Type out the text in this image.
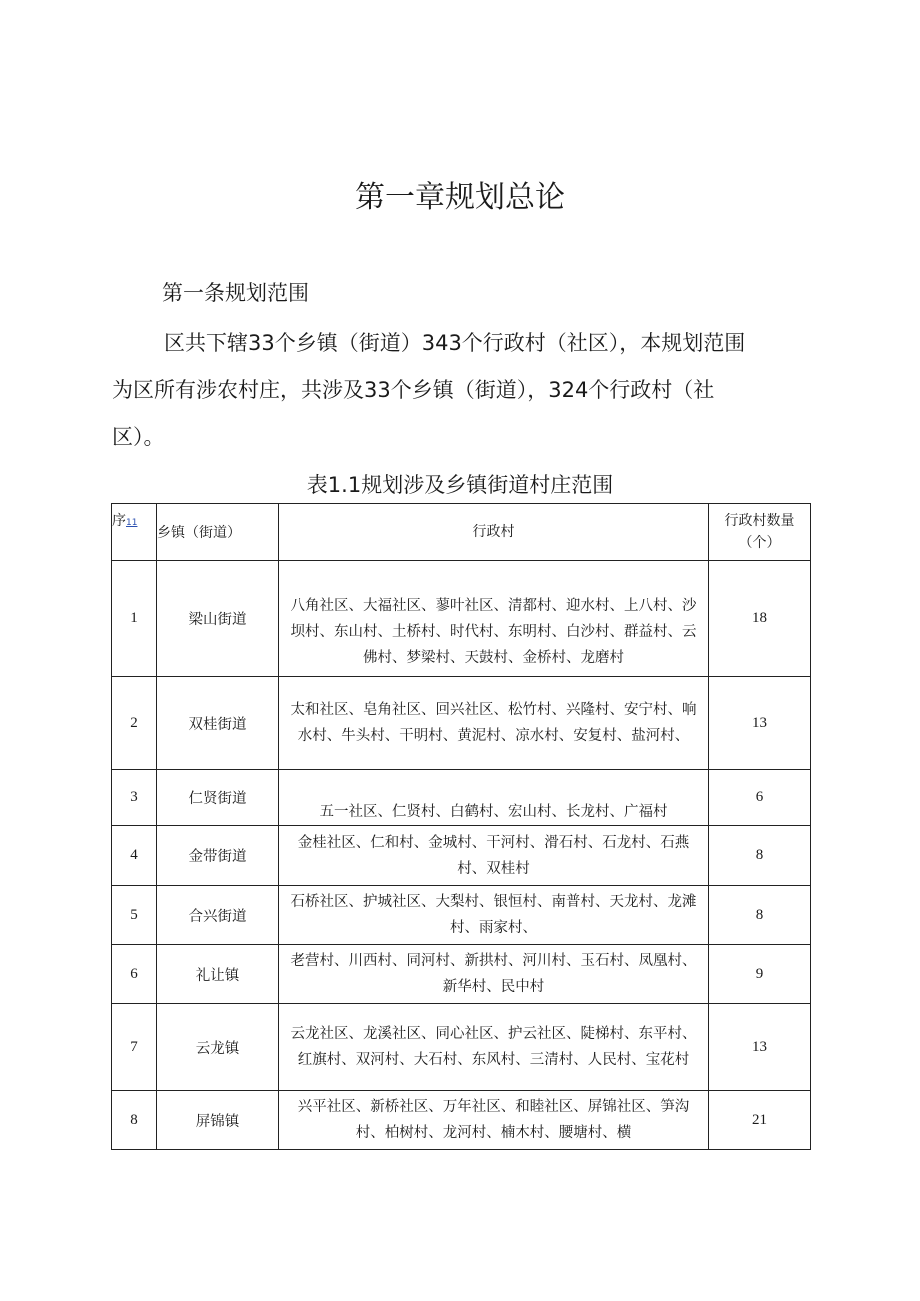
第一章规划总论
第一条规划范围

区共下辖33个乡镇（街道）343个行政村（社区），本规划范围
为区所有涉农村庄，共涉及33个乡镇（街道），324个行政村（社
区）。

表1.1规划涉及乡镇街道村庄范围
序11	乡镇（街道）	行政村	行政村数量
（个）

1	梁山街道	八角社区、大福社区、蓼叶社区、清都村、迎水村、上八村、沙坝村、东山村、土桥村、时代村、东明村、白沙村、群益村、云佛村、梦梁村、天鼓村、金桥村、龙磨村	18
2	双桂街道	太和社区、皂角社区、回兴社区、松竹村、兴隆村、安宁村、响水村、牛头村、干明村、黄泥村、凉水村、安复村、盐河村、	13
3	仁贤街道	五一社区、仁贤村、白鹤村、宏山村、长龙村、广福村	6
4	金带街道	金桂社区、仁和村、金城村、干河村、滑石村、石龙村、石燕村、双桂村	8
5	合兴街道	石桥社区、护城社区、大梨村、银恒村、南普村、天龙村、龙滩村、雨家村、	8
6	礼让镇	老营村、川西村、同河村、新拱村、河川村、玉石村、凤凰村、新华村、民中村	9
7	云龙镇	云龙社区、龙溪社区、同心社区、护云社区、陡梯村、东平村、红旗村、双河村、大石村、东风村、三清村、人民村、宝花村	13
8	屏锦镇	兴平社区、新桥社区、万年社区、和睦社区、屏锦社区、笋沟村、柏树村、龙河村、楠木村、腰塘村、横	21
